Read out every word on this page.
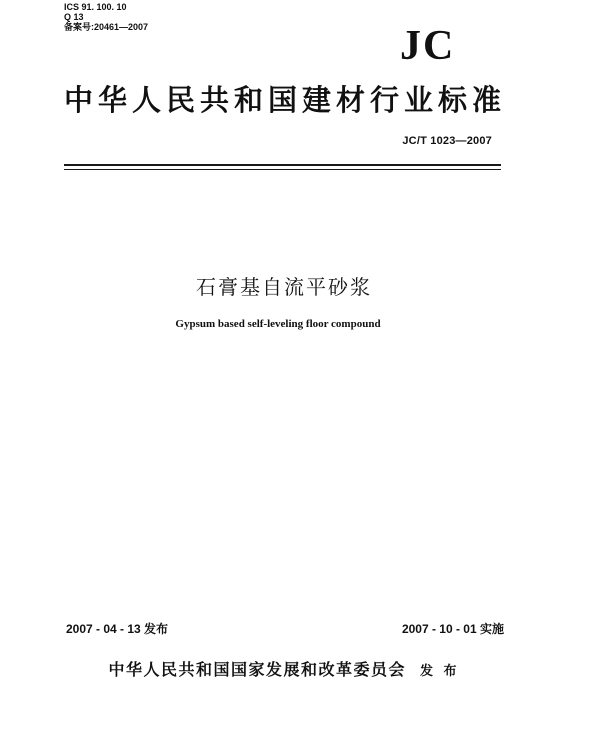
ICS 91. 100. 10
Q 13
备案号:20461—2007	JC
中华人民共和国建材行业标准
JC/T 1023—2007
石膏基自流平砂浆
Gypsum based self-leveling floor compound
2007 - 04 - 13 发布	2007 - 10 - 01 实施
中华人民共和国国家发展和改革委员会 发 布
